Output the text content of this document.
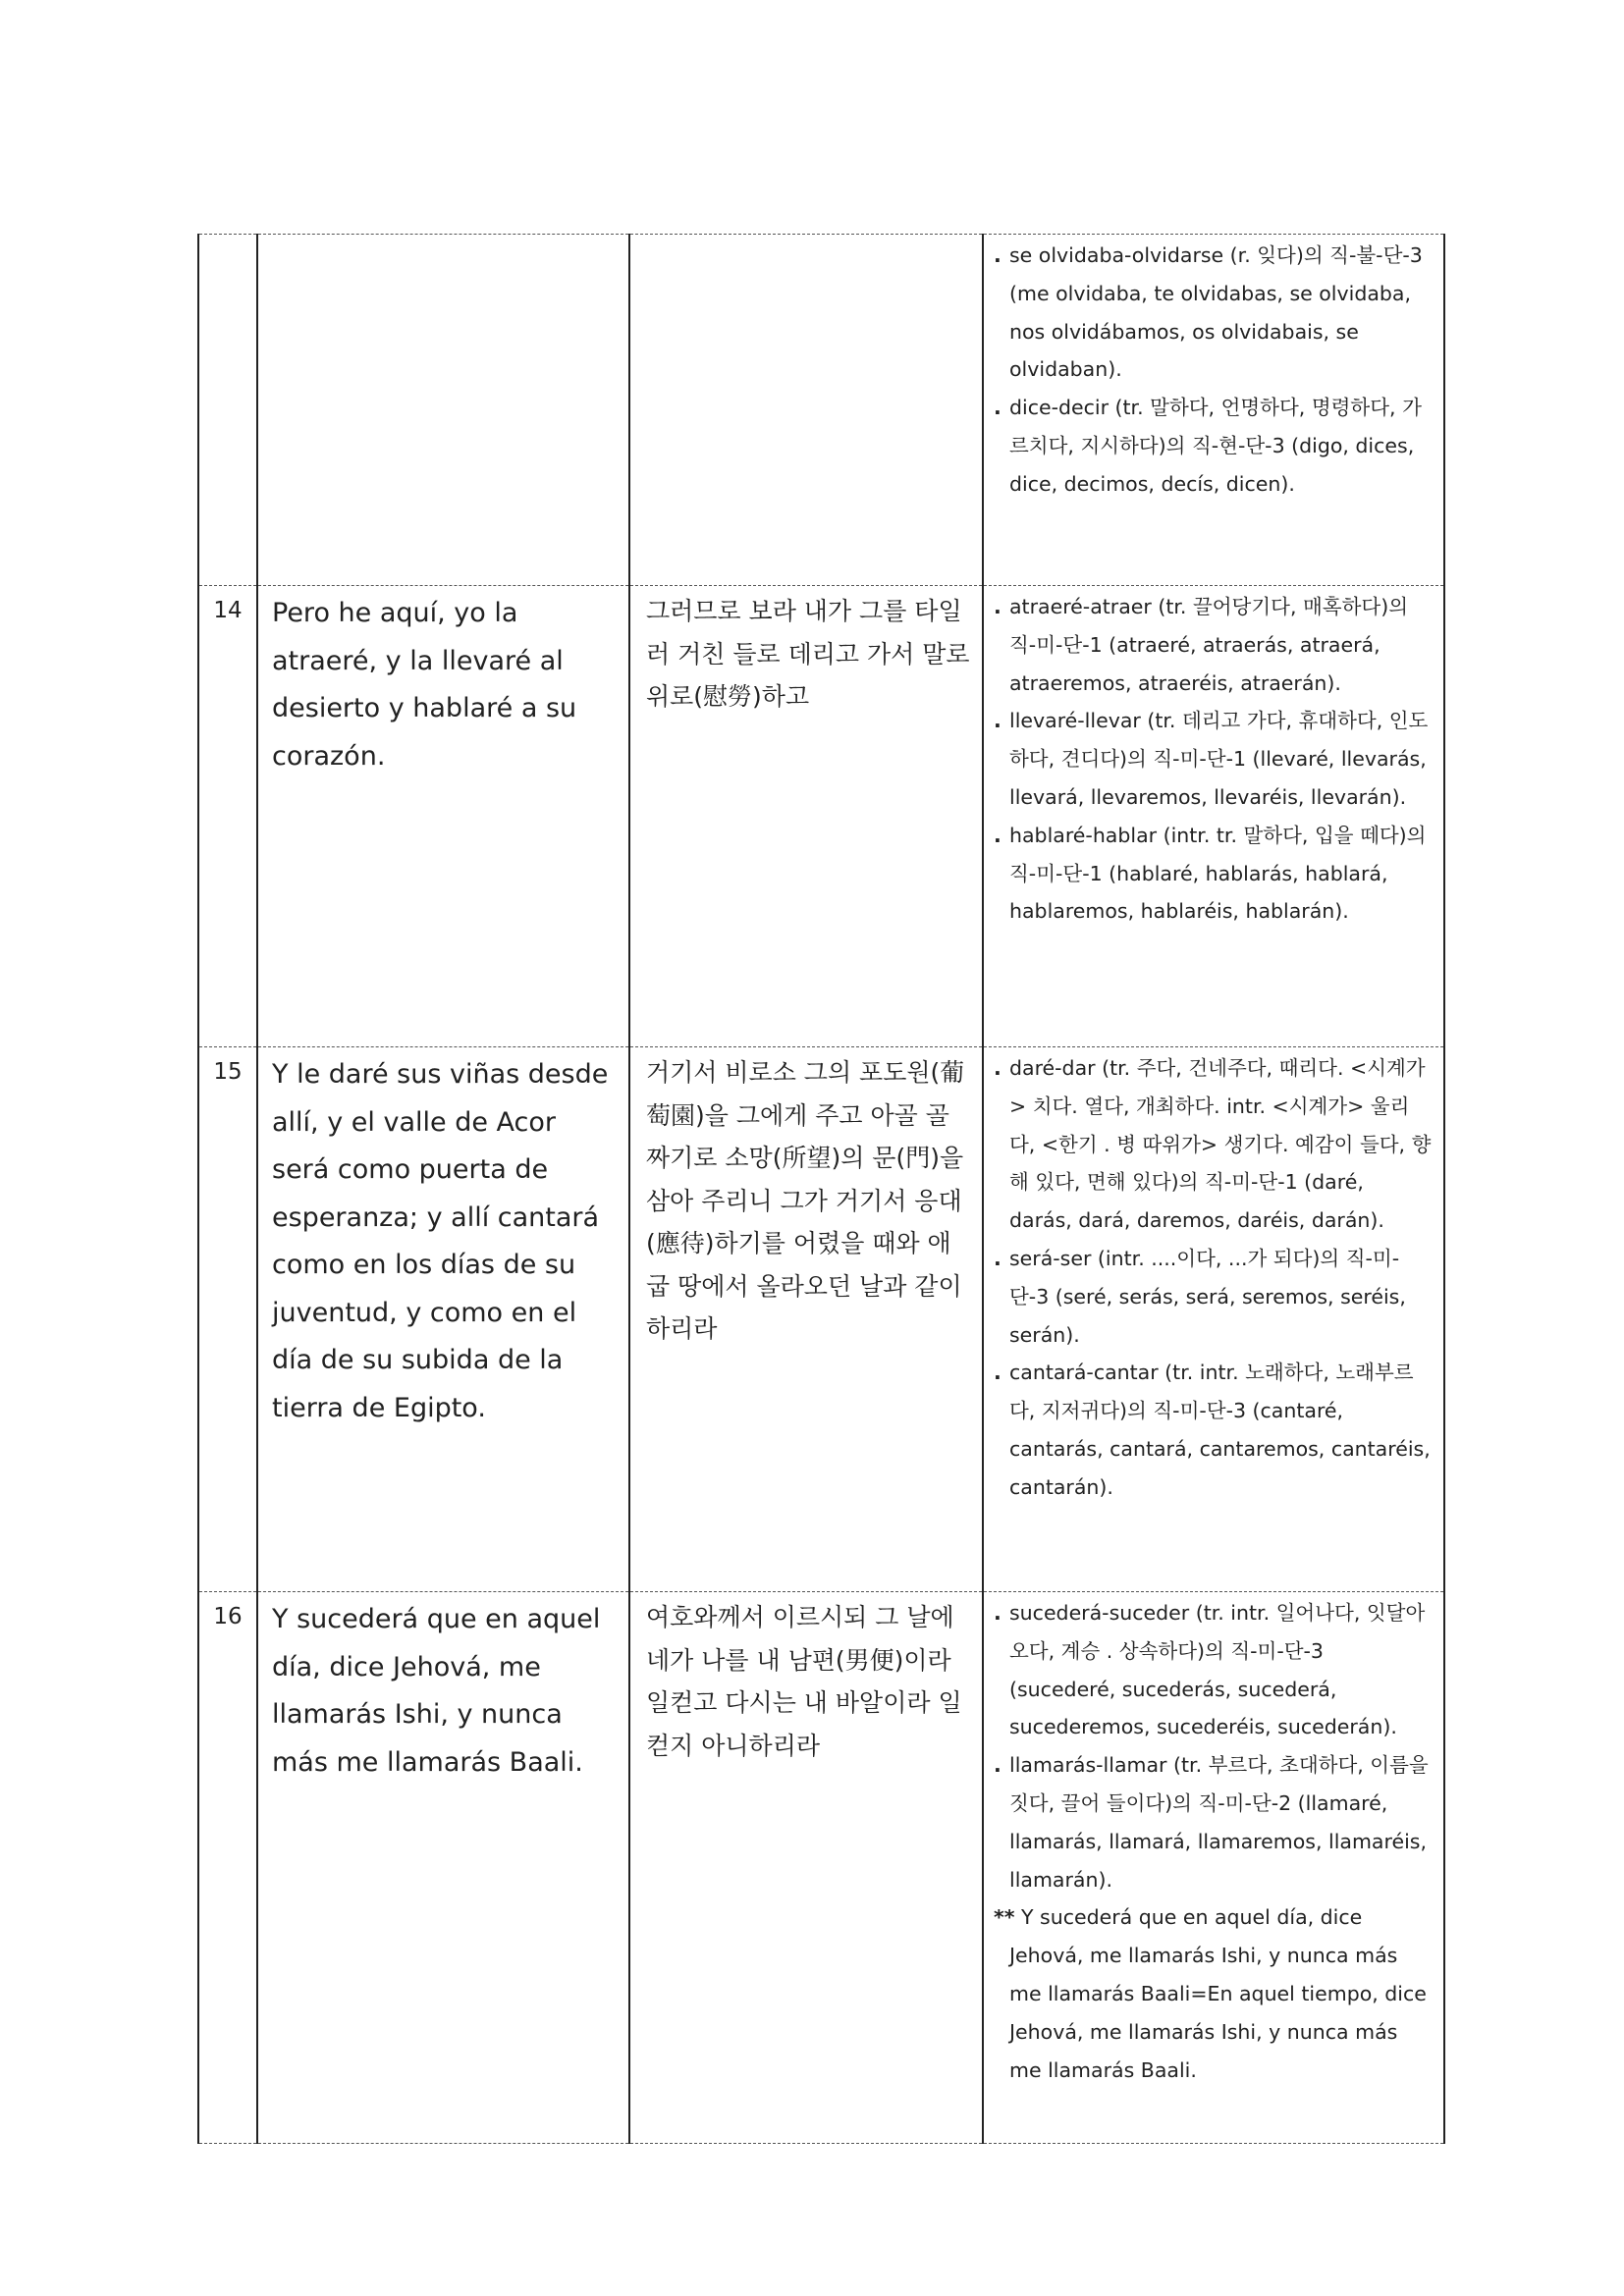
			. se olvidaba-olvidarse (r. 잊다)의 직-불-단-3 (me olvidaba, te olvidabas, se olvidaba, nos olvidábamos, os olvidabais, se olvidaban).
. dice-decir (tr. 말하다, 언명하다, 명령하다, 가르치다, 지시하다)의 직-현-단-3 (digo, dices, dice, decimos, decís, dicen).

14	Pero he aquí, yo la atraeré, y la llevaré al desierto y hablaré a su corazón.	그러므로 보라 내가 그를 타일러 거친 들로 데리고 가서 말로 위로(慰勞)하고	. atraeré-atraer (tr. 끌어당기다, 매혹하다)의 직-미-단-1 (atraeré, atraerás, atraerá, atraeremos, atraeréis, atraerán).
. llevaré-llevar (tr. 데리고 가다, 휴대하다, 인도하다, 견디다)의 직-미-단-1 (llevaré, llevarás, llevará, llevaremos, llevaréis, llevarán).
. hablaré-hablar (intr. tr. 말하다, 입을 떼다)의 직-미-단-1 (hablaré, hablarás, hablará, hablaremos, hablaréis, hablarán).

15	Y le daré sus viñas desde allí, y el valle de Acor será como puerta de esperanza; y allí cantará como en los días de su juventud, y como en el día de su subida de la tierra de Egipto.	거기서 비로소 그의 포도원(葡萄園)을 그에게 주고 아골 골짜기로 소망(所望)의 문(門)을 삼아 주리니 그가 거기서 응대(應待)하기를 어렸을 때와 애굽 땅에서 올라오던 날과 같이 하리라	. daré-dar (tr. 주다, 건네주다, 때리다. <시계가> 치다. 열다, 개최하다. intr. <시계가> 울리다, <한기 . 병 따위가> 생기다. 예감이 들다, 향해 있다, 면해 있다)의 직-미-단-1 (daré, darás, dará, daremos, daréis, darán).
. será-ser (intr. ....이다, ...가 되다)의 직-미-단-3 (seré, serás, será, seremos, seréis, serán).
. cantará-cantar (tr. intr. 노래하다, 노래부르다, 지저귀다)의 직-미-단-3 (cantaré, cantarás, cantará, cantaremos, cantaréis, cantarán).

16	Y sucederá que en aquel día, dice Jehová, me llamarás Ishi, y nunca más me llamarás Baali.	여호와께서 이르시되 그 날에 네가 나를 내 남편(男便)이라 일컫고 다시는 내 바알이라 일컫지 아니하리라	. sucederá-suceder (tr. intr. 일어나다, 잇달아 오다, 계승 . 상속하다)의 직-미-단-3 (sucederé, sucederás, sucederá, sucederemos, sucederéis, sucederán).
. llamarás-llamar (tr. 부르다, 초대하다, 이름을 짓다, 끌어 들이다)의 직-미-단-2 (llamaré, llamarás, llamará, llamaremos, llamaréis, llamarán).
** Y sucederá que en aquel día, dice Jehová, me llamarás Ishi, y nunca más me llamarás Baali=En aquel tiempo, dice Jehová, me llamarás Ishi, y nunca más me llamarás Baali.
